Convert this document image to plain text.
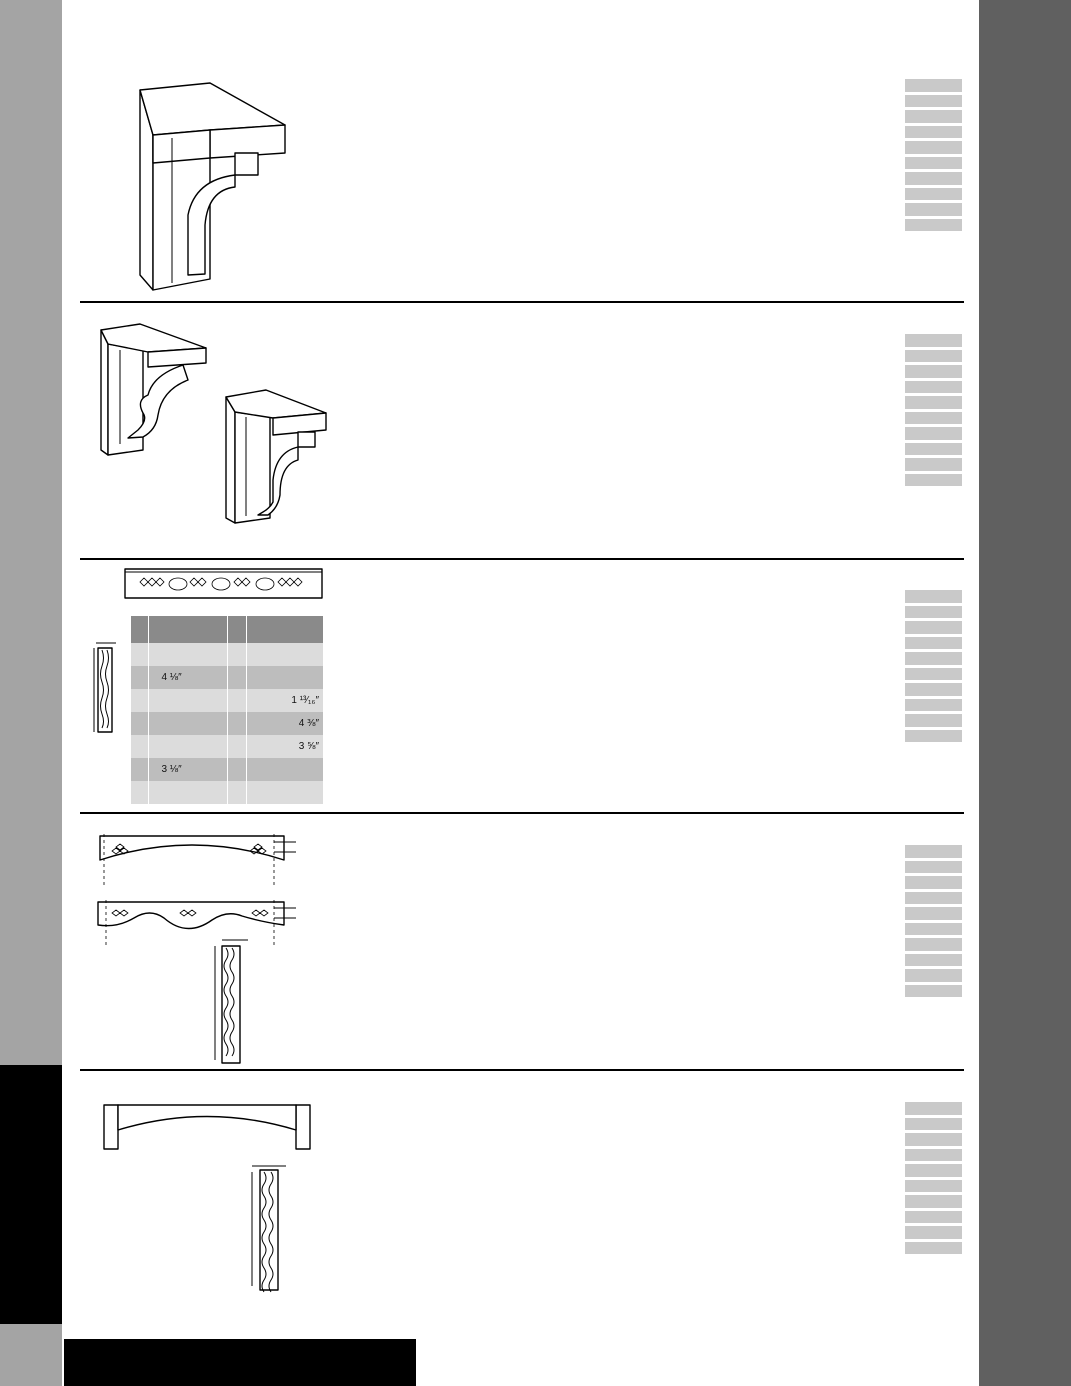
	4 ⅛″		
			1 ¹³⁄₁₆″
			4 ⅜″
			3 ⅝″
	3 ⅛″		
